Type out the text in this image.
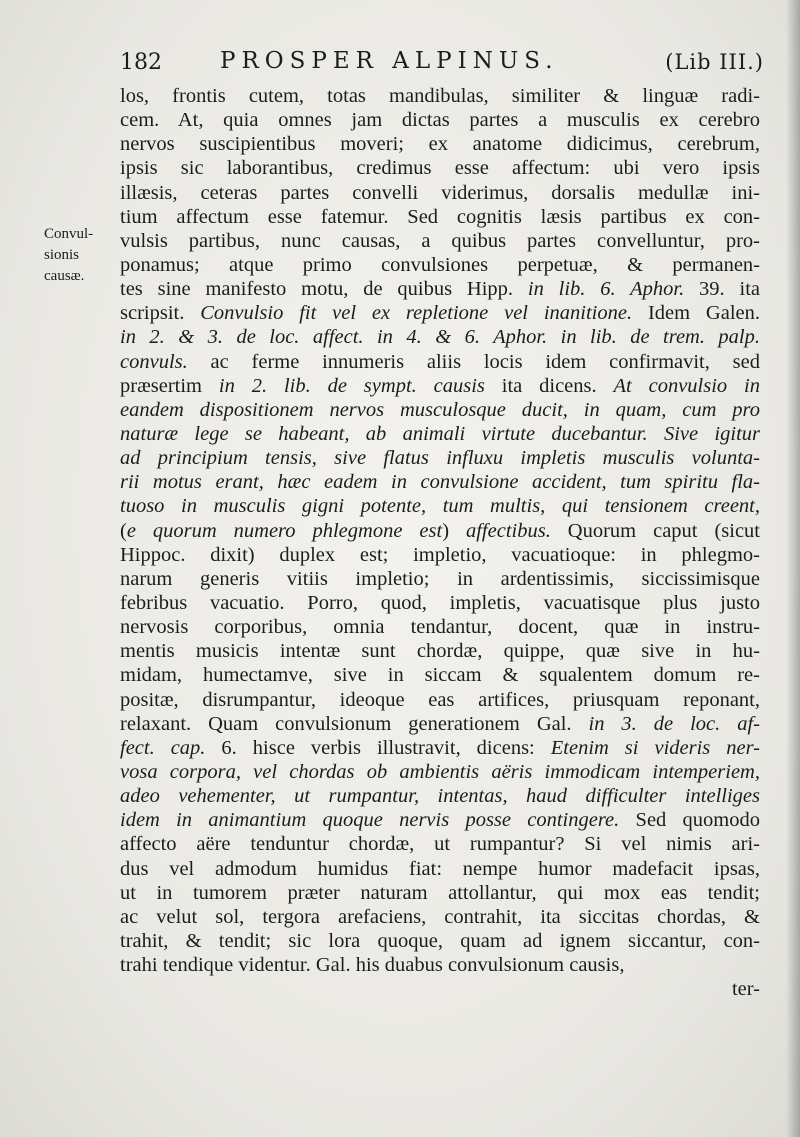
182	PROSPER ALPINUS.	(Lib III.)
Convul-
sionis
causæ.
los, frontis cutem, totas mandibulas, similiter & linguæ radi-
cem. At, quia omnes jam dictas partes a musculis ex cerebro
nervos suscipientibus moveri; ex anatome didicimus, cerebrum,
ipsis sic laborantibus, credimus esse affectum: ubi vero ipsis
illæsis, ceteras partes convelli viderimus, dorsalis medullæ ini-
tium affectum esse fatemur. Sed cognitis læsis partibus ex con-
vulsis partibus, nunc causas, a quibus partes convelluntur, pro-
ponamus; atque primo convulsiones perpetuæ, & permanen-
tes sine manifesto motu, de quibus Hipp. in lib. 6. Aphor. 39. ita
scripsit. Convulsio fit vel ex repletione vel inanitione. Idem Galen.
in 2. & 3. de loc. affect. in 4. & 6. Aphor. in lib. de trem. palp.
convuls. ac ferme innumeris aliis locis idem confirmavit, sed
præsertim in 2. lib. de sympt. causis ita dicens. At convulsio in
eandem dispositionem nervos musculosque ducit, in quam, cum pro
naturæ lege se habeant, ab animali virtute ducebantur. Sive igitur
ad principium tensis, sive flatus influxu impletis musculis volunta-
rii motus erant, hæc eadem in convulsione accident, tum spiritu fla-
tuoso in musculis gigni potente, tum multis, qui tensionem creent,
(e quorum numero phlegmone est) affectibus. Quorum caput (sicut
Hippoc. dixit) duplex est; impletio, vacuatioque: in phlegmo-
narum generis vitiis impletio; in ardentissimis, siccissimisque
febribus vacuatio. Porro, quod, impletis, vacuatisque plus justo
nervosis corporibus, omnia tendantur, docent, quæ in instru-
mentis musicis intentæ sunt chordæ, quippe, quæ sive in hu-
midam, humectamve, sive in siccam & squalentem domum re-
positæ, disrumpantur, ideoque eas artifices, priusquam reponant,
relaxant. Quam convulsionum generationem Gal. in 3. de loc. af-
fect. cap. 6. hisce verbis illustravit, dicens: Etenim si videris ner-
vosa corpora, vel chordas ob ambientis aëris immodicam intemperiem,
adeo vehementer, ut rumpantur, intentas, haud difficulter intelliges
idem in animantium quoque nervis posse contingere. Sed quomodo
affecto aëre tenduntur chordæ, ut rumpantur? Si vel nimis ari-
dus vel admodum humidus fiat: nempe humor madefacit ipsas,
ut in tumorem præter naturam attollantur, qui mox eas tendit;
ac velut sol, tergora arefaciens, contrahit, ita siccitas chordas, &
trahit, & tendit; sic lora quoque, quam ad ignem siccantur, con-
trahi tendique videntur. Gal. his duabus convulsionum causis,
ter-
